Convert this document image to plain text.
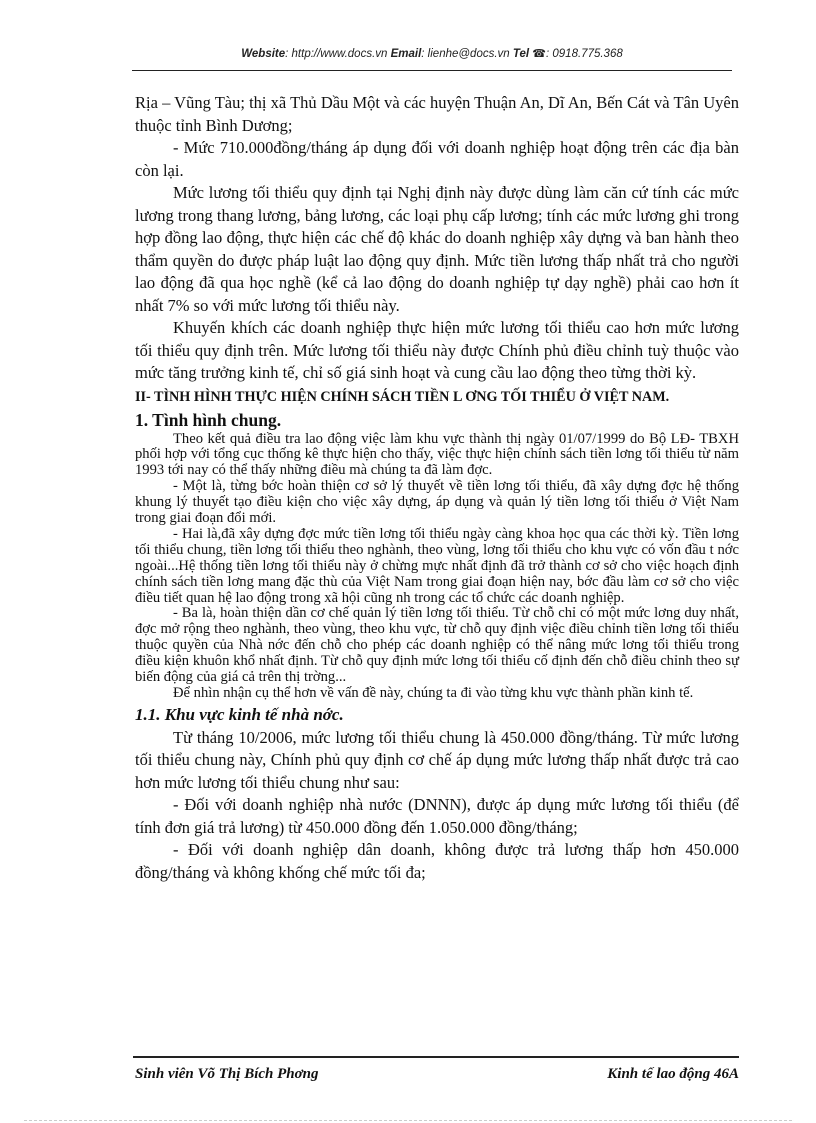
Website: http://www.docs.vn Email: lienhe@docs.vn Tel ☎: 0918.775.368

Rịa – Vũng Tàu; thị xã Thủ Dầu Một và các huyện Thuận An, Dĩ An, Bến Cát và Tân Uyên thuộc tỉnh Bình Dương;

- Mức 710.000đồng/tháng áp dụng đối với doanh nghiệp hoạt động trên các địa bàn còn lại.

Mức lương tối thiểu quy định tại Nghị định này được dùng làm căn cứ tính các mức lương trong thang lương, bảng lương, các loại phụ cấp lương; tính các mức lương ghi trong hợp đồng lao động, thực hiện các chế độ khác do doanh nghiệp xây dựng và ban hành theo thẩm quyền do được pháp luật lao động quy định. Mức tiền lương thấp nhất trả cho người lao động đã qua học nghề (kể cả lao động do doanh nghiệp tự dạy nghề) phải cao hơn ít nhất 7% so với mức lương tối thiểu này.

Khuyến khích các doanh nghiệp thực hiện mức lương tối thiểu cao hơn mức lương tối thiểu quy định trên. Mức lương tối thiểu này được Chính phủ điều chỉnh tuỳ thuộc vào mức tăng trưởng kinh tế, chỉ số giá sinh hoạt và cung cầu lao động theo từng thời kỳ.

II- TÌNH HÌNH THỰC HIỆN CHÍNH SÁCH TIỀN L ƠNG TỐI THIỂU Ở VIỆT NAM.
1. Tình hình chung.

Theo kết quả điều tra lao động việc làm khu vực thành thị ngày 01/07/1999 do Bộ LĐ- TBXH phối hợp với tổng cục thống kê thực hiện cho thấy, việc thực hiện chính sách tiền lơng tối thiểu từ năm 1993 tới nay có thể thấy những điều mà chúng ta đã làm đợc.

- Một là, từng bớc hoàn thiện cơ sở lý thuyết về tiền lơng tối thiểu, đã xây dựng đợc hệ thống khung lý thuyết tạo điều kiện cho việc xây dựng, áp dụng và quản lý tiền lơng tối thiểu ở Việt Nam trong giai đoạn đổi mới.

- Hai là,đã xây dựng đợc mức tiền lơng tối thiểu ngày càng khoa học qua các thời kỳ. Tiền lơng tối thiểu chung, tiền lơng tối thiểu theo nghành, theo vùng, lơng tối thiểu cho khu vực có vốn đầu t nớc ngoài...Hệ thống tiền lơng tối thiểu này ở chừng mực nhất định đã trở thành cơ sở cho việc hoạch định chính sách tiền lơng mang đặc thù của Việt Nam trong giai đoạn hiện nay, bớc đầu làm cơ sở cho việc điều tiết quan hệ lao động trong xã hội cũng nh trong các tổ chức các doanh nghiệp.

- Ba là, hoàn thiện dần cơ chế quản lý tiền lơng tối thiểu. Từ chỗ chỉ có một mức lơng duy nhất, đợc mở rộng theo nghành, theo vùng, theo khu vực, từ chỗ quy định việc điều chỉnh tiền lơng tối thiểu thuộc quyền của Nhà nớc đến chỗ cho phép các doanh nghiệp có thể nâng mức lơng tối thiểu trong điều kiện khuôn khổ nhất định. Từ chỗ quy định mức lơng tối thiểu cố định đến chỗ điều chỉnh theo sự biến động của giá cả trên thị trờng...

Để nhìn nhận cụ thể hơn về vấn đề này, chúng ta đi vào từng khu vực thành phần kinh tế.

1.1. Khu vực kinh tế nhà nớc.

Từ tháng 10/2006, mức lương tối thiểu chung là 450.000 đồng/tháng. Từ mức lương tối thiểu chung này, Chính phủ quy định cơ chế áp dụng mức lương thấp nhất được trả cao hơn mức lương tối thiểu chung như sau:

- Đối với doanh nghiệp nhà nước (DNNN), được áp dụng mức lương tối thiểu (để tính đơn giá trả lương) từ 450.000 đồng đến 1.050.000 đồng/tháng;

- Đối với doanh nghiệp dân doanh, không được trả lương thấp hơn 450.000 đồng/tháng và không khống chế mức tối đa;

Sinh viên Võ Thị Bích Phơng	Kinh tế lao động 46A
